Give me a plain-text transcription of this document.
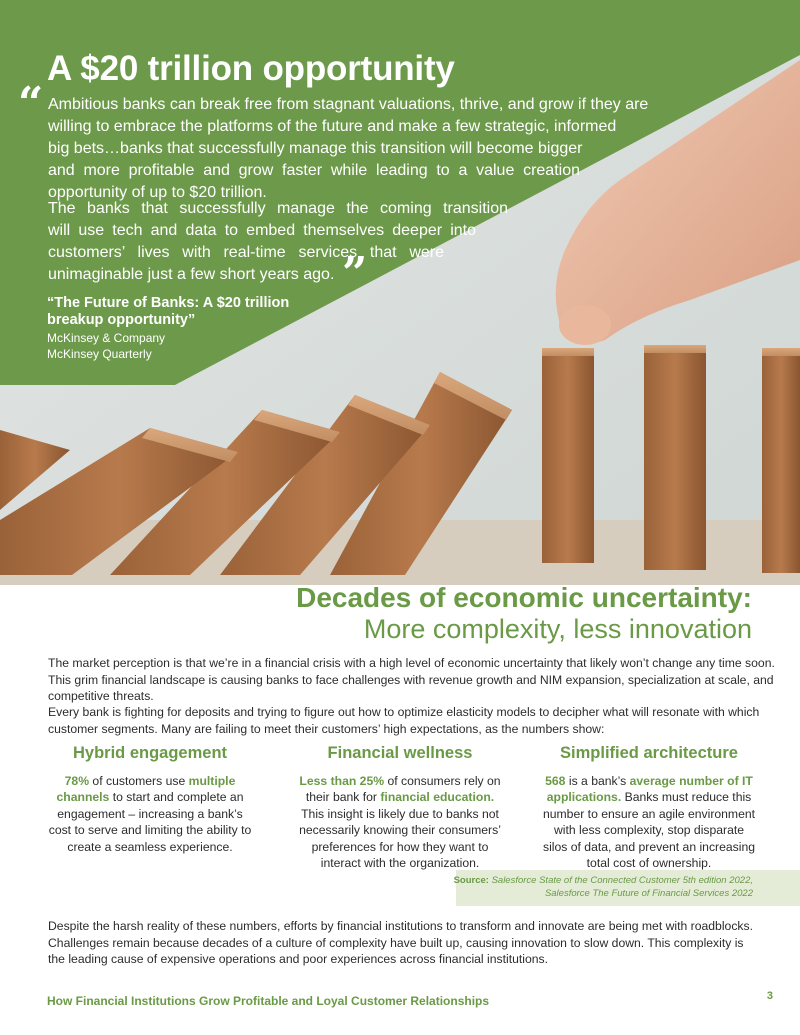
A $20 trillion opportunity
“ Ambitious banks can break free from stagnant valuations, thrive, and grow if they are
willing to embrace the platforms of the future and make a few strategic, informed
big bets…banks that successfully manage this transition will become bigger
and more profitable and grow faster while leading to a value creation
opportunity of up to $20 trillion.
The banks that successfully manage the coming transition
will use tech and data to embed themselves deeper into
customers’ lives with real-time services that were
unimaginable just a few short years ago. ”
“The Future of Banks: A $20 trillion
breakup opportunity”
McKinsey & Company
McKinsey Quarterly
Decades of economic uncertainty:
More complexity, less innovation
The market perception is that we’re in a financial crisis with a high level of economic uncertainty that likely won’t change any time soon.
This grim financial landscape is causing banks to face challenges with revenue growth and NIM expansion, specialization at scale, and
competitive threats.
Every bank is fighting for deposits and trying to figure out how to optimize elasticity models to decipher what will resonate with which
customer segments. Many are failing to meet their customers’ high expectations, as the numbers show:
Hybrid engagement
78% of customers use multiple
channels to start and complete an
engagement – increasing a bank’s
cost to serve and limiting the ability to
create a seamless experience.
Financial wellness
Less than 25% of consumers rely on
their bank for financial education.
This insight is likely due to banks not
necessarily knowing their consumers’
preferences for how they want to
interact with the organization.
Simplified architecture
568 is a bank’s average number of IT
applications. Banks must reduce this
number to ensure an agile environment
with less complexity, stop disparate
silos of data, and prevent an increasing
total cost of ownership.
Source: Salesforce State of the Connected Customer 5th edition 2022,
Salesforce The Future of Financial Services 2022
Despite the harsh reality of these numbers, efforts by financial institutions to transform and innovate are being met with roadblocks.
Challenges remain because decades of a culture of complexity have built up, causing innovation to slow down. This complexity is
the leading cause of expensive operations and poor experiences across financial institutions.
How Financial Institutions Grow Profitable and Loyal Customer Relationships	3
